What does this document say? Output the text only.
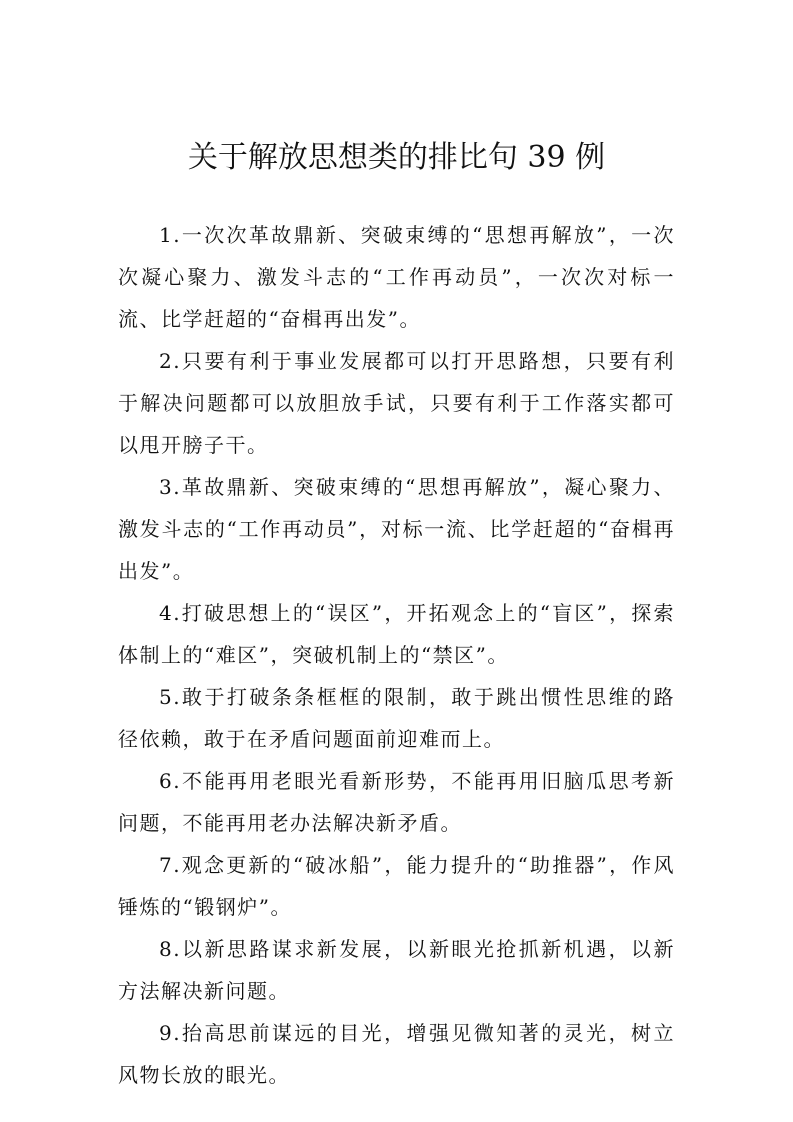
关于解放思想类的排比句 39 例

1.一次次革故鼎新、突破束缚的“思想再解放”，一次次凝心聚力、激发斗志的“工作再动员”，一次次对标一流、比学赶超的“奋楫再出发”。

2.只要有利于事业发展都可以打开思路想，只要有利于解决问题都可以放胆放手试，只要有利于工作落实都可以甩开膀子干。

3.革故鼎新、突破束缚的“思想再解放”，凝心聚力、激发斗志的“工作再动员”，对标一流、比学赶超的“奋楫再出发”。

4.打破思想上的“误区”，开拓观念上的“盲区”，探索体制上的“难区”，突破机制上的“禁区”。

5.敢于打破条条框框的限制，敢于跳出惯性思维的路径依赖，敢于在矛盾问题面前迎难而上。

6.不能再用老眼光看新形势，不能再用旧脑瓜思考新问题，不能再用老办法解决新矛盾。

7.观念更新的“破冰船”，能力提升的“助推器”，作风锤炼的“锻钢炉”。

8.以新思路谋求新发展，以新眼光抢抓新机遇，以新方法解决新问题。

9.抬高思前谋远的目光，增强见微知著的灵光，树立风物长放的眼光。
